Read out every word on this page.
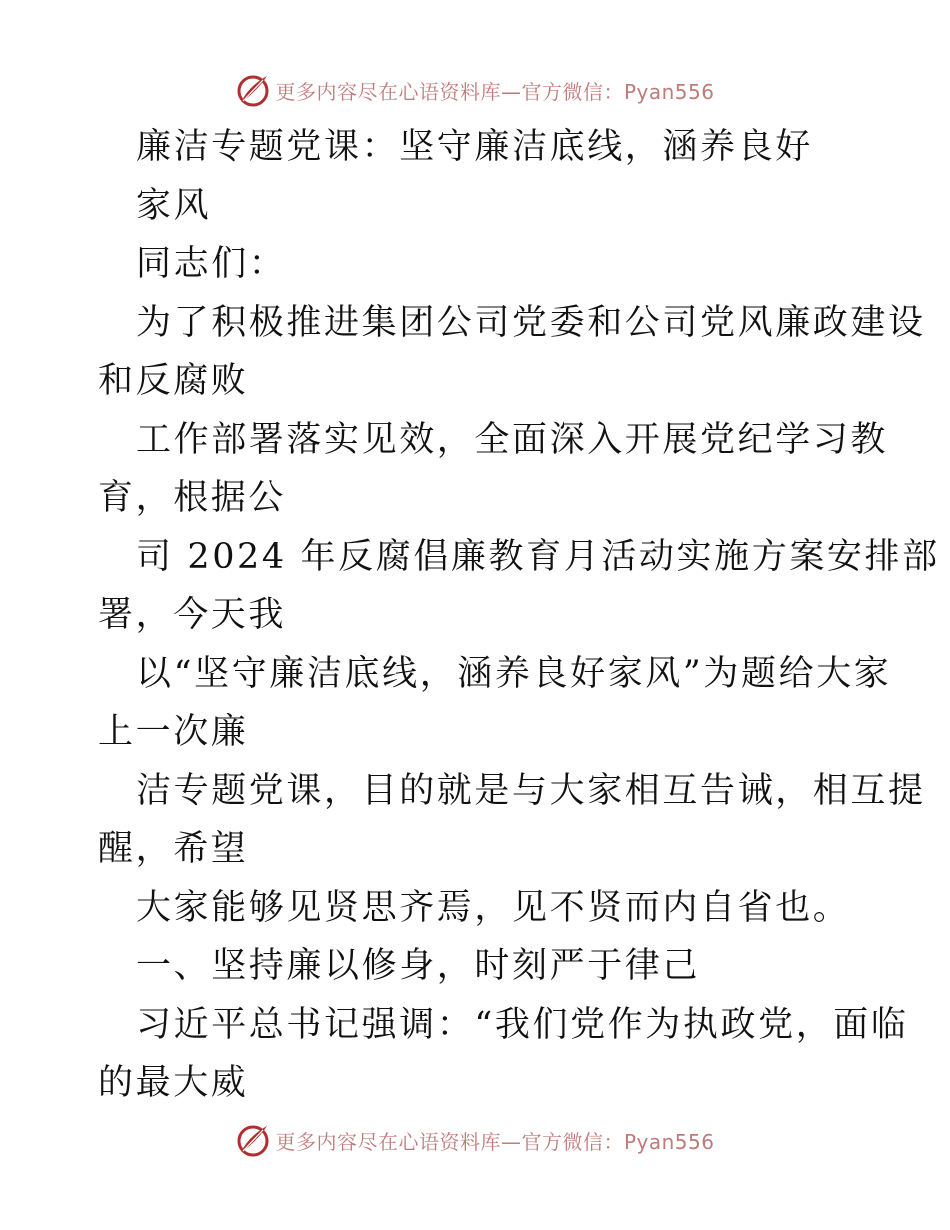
更多内容尽在心语资料库—官方微信：Pyan556
廉洁专题党课：坚守廉洁底线，涵养良好
家风
同志们：
为了积极推进集团公司党委和公司党风廉政建设
和反腐败
工作部署落实见效，全面深入开展党纪学习教
育，根据公
司 2024 年反腐倡廉教育月活动实施方案安排部
署，今天我
以“坚守廉洁底线，涵养良好家风”为题给大家
上一次廉
洁专题党课，目的就是与大家相互告诫，相互提
醒，希望
大家能够见贤思齐焉，见不贤而内自省也。
一、坚持廉以修身，时刻严于律己
习近平总书记强调：“我们党作为执政党，面临
的最大威
更多内容尽在心语资料库—官方微信：Pyan556
